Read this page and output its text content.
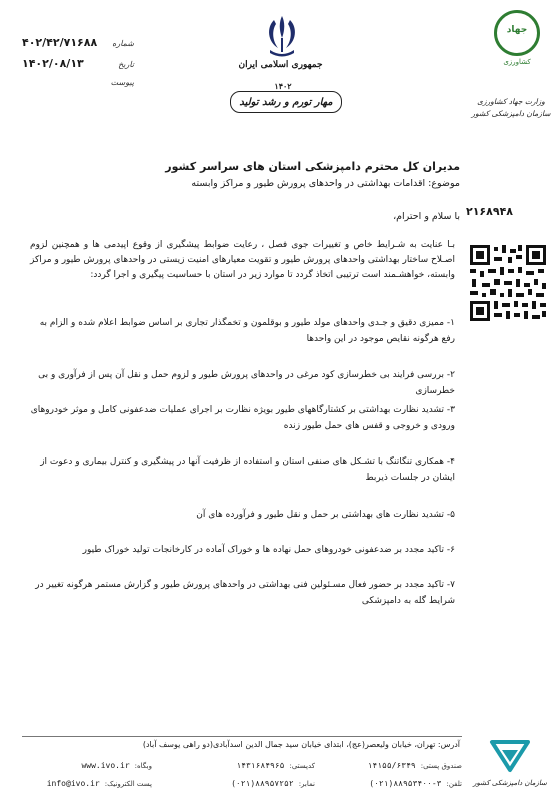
جمهوری اسلامی ایران
۱۴۰۲
مهار تورم و رشد تولید
شماره
۴۰۲/۴۲/۷۱۶۸۸
تاریخ
۱۴۰۲/۰۸/۱۳
پیوست
جهاد
کشاورزی
وزارت جهاد کشاورزی
سازمان دامپزشکی کشور
۲۱۶۸۹۴۸
مدیران کل محترم دامپزشکی استان های سراسر کشور
موضوع: اقدامات بهداشتی در واحدهای پرورش طیور و مراکز وابسته
با سلام و احترام،
بـا عنایت به شـرایط خاص و تغییرات جوی فصل ، رعایت ضوابط پیشگیری از وقوع اپیدمی ها و همچنین لزوم اصـلاح ساختار بهداشتی واحدهای پرورش طیور و تقویت معیارهای امنیت زیستی در واحدهای پرورش طیور و مراکز وابسته، خواهشـمند است ترتیبی اتخاذ گردد تا موارد زیر در استان با حساسیت پیگیری و اجرا گردد:
۱- ممیزی دقیق و جـدی واحدهای مولد طیور و بوقلمون و تخمگذار تجاری بر اساس ضوابط اعلام شده و الزام به رفع هرگونه نقایص موجود در این واحدها
۲- بررسی فرایند بی خطرسازی کود مرغی در واحدهای پرورش طیور و لزوم حمل و نقل آن پس از فرآوری و بی خطرسازی
۳- تشدید نظارت بهداشتی بر کشتارگاههای طیور بویژه نظارت بر اجرای عملیات ضدعفونی کامل و موثر خودروهای ورودی و خروجی و قفس های حمل طیور زنده
۴- همکاری تنگاتنگ با تشـکل های صنفی استان و استفاده از ظرفیت آنها در پیشگیری و کنترل بیماری و دعوت از ایشان در جلسات ذیربط
۵- تشدید نظارت های بهداشتی بر حمل و نقل طیور و فرآورده های آن
۶- تاکید مجدد بر ضدعفونی خودروهای حمل نهاده ها و خوراک آماده در کارخانجات تولید خوراک طیور
۷- تاکید مجدد بر حضور فعال مسـئولین فنی بهداشتی در واحدهای پرورش طیور و گزارش مستمر هرگونه تغییر در شرایط گله به دامپزشکی
آدرس: تهران، خیابان ولیعصر(عج)، ابتدای خیابان سید جمال الدین اسدآبادی(دو راهی یوسف آباد)
صندوق پستی:
۱۴۱۵۵/۶۳۴۹
کدپستی:
۱۴۳۱۶۸۴۹۶۵
وبگاه:
www.ivo.ir
تلفن:
(۰۲۱)۸۸۹۵۳۴۰۰-۳
نمابر:
(۰۲۱)۸۸۹۵۷۲۵۲
پست الکترونیک:
info@ivo.ir	سازمان دامپزشکی کشور
